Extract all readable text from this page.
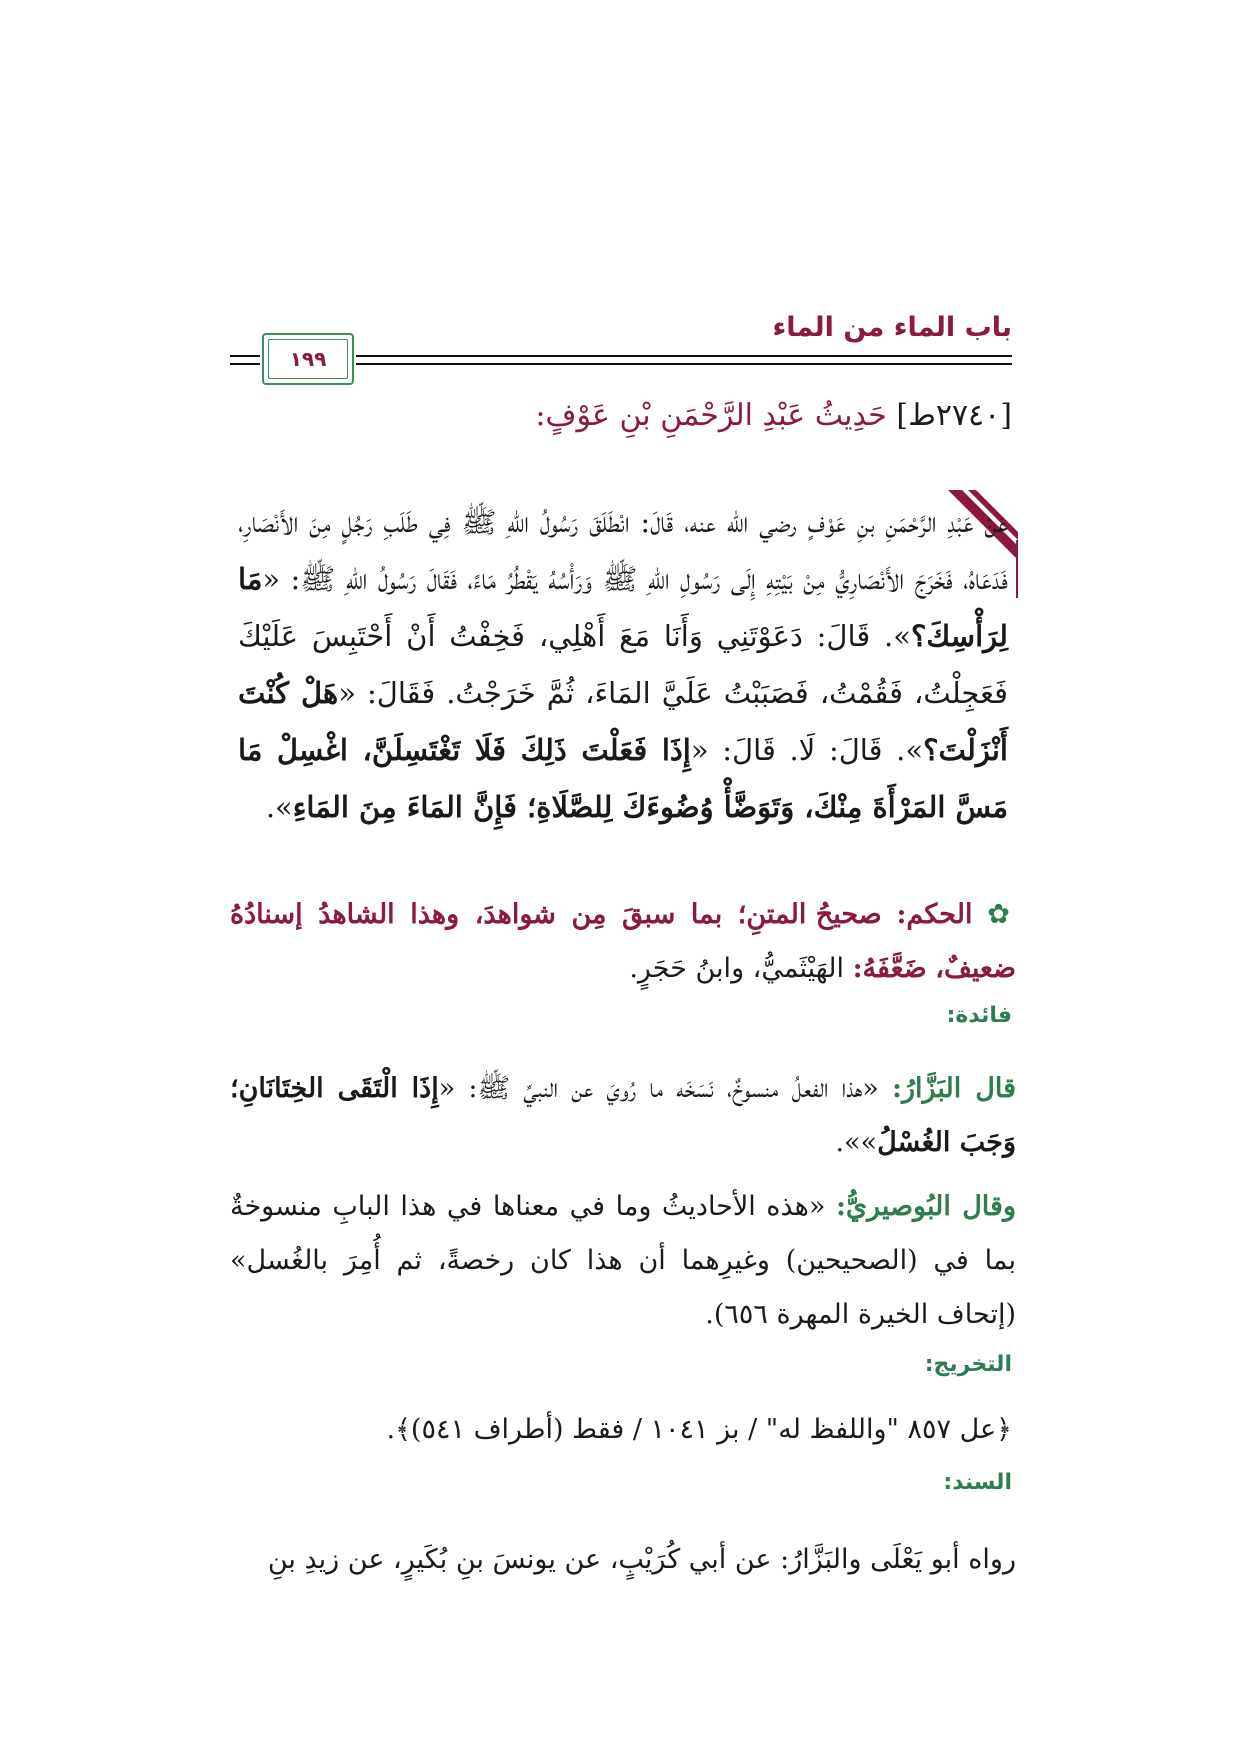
باب الماء من الماء
١٩٩
[٢٧٤٠ط] حَدِيثُ عَبْدِ الرَّحْمَنِ بْنِ عَوْفٍ:
عَنْ عَبْدِ الرَّحْمَنِ بنِ عَوْفٍ رضي الله عنه، قَالَ: انْطَلَقَ رَسُولُ اللهِ ﷺ فِي طَلَبِ رَجُلٍ مِنَ الأَنْصَارِ، فَدَعَاهُ، فَخَرَجَ الأَنْصَارِيُّ مِنْ بَيْتِهِ إِلَى رَسُولِ اللهِ ﷺ وَرَأْسُهُ يَقْطُرُ مَاءً، فَقَالَ رَسُولُ اللهِ ﷺ: «مَا لِرَأْسِكَ؟». قَالَ: دَعَوْتَنِي وَأَنَا مَعَ أَهْلِي، فَخِفْتُ أَنْ أَحْتَبِسَ عَلَيْكَ فَعَجِلْتُ، فَقُمْتُ، فَصَبَبْتُ عَلَيَّ المَاءَ، ثُمَّ خَرَجْتُ. فَقَالَ: «هَلْ كُنْتَ أَنْزَلْتَ؟». قَالَ: لَا. قَالَ: «إِذَا فَعَلْتَ ذَلِكَ فَلَا تَغْتَسِلَنَّ، اغْسِلْ مَا مَسَّ المَرْأَةَ مِنْكَ، وَتَوَضَّأْ وُضُوءَكَ لِلصَّلَاةِ؛ فَإِنَّ المَاءَ مِنَ المَاءِ».
✿ الحكم: صحيحُ المتنِ؛ بما سبقَ مِن شواهدَ، وهذا الشاهدُ إسنادُهُ ضعيفٌ، ضَعَّفَهُ: الهَيْثَميُّ، وابنُ حَجَرٍ.
فائدة:
قال البَزَّارُ: «هذا الفعلُ منسوخٌ، نَسَخَه ما رُويَ عن النبيِّ ﷺ: «إِذَا الْتَقَى الخِتَانَانِ؛ وَجَبَ الغُسْلُ»».
وقال البُوصيريُّ: «هذه الأحاديثُ وما في معناها في هذا البابِ منسوخةٌ بما في (الصحيحين) وغيرِهما أن هذا كان رخصةً، ثم أُمِرَ بالغُسل» (إتحاف الخيرة المهرة ٦٥٦).
التخريج:
﴿عل ٨٥٧ "واللفظ له" / بز ١٠٤١ / فقط (أطراف ٥٤١)﴾.
السند:
رواه أبو يَعْلَى والبَزَّارُ: عن أبي كُرَيْبٍ، عن يونسَ بنِ بُكَيرٍ، عن زيدِ بنِ
